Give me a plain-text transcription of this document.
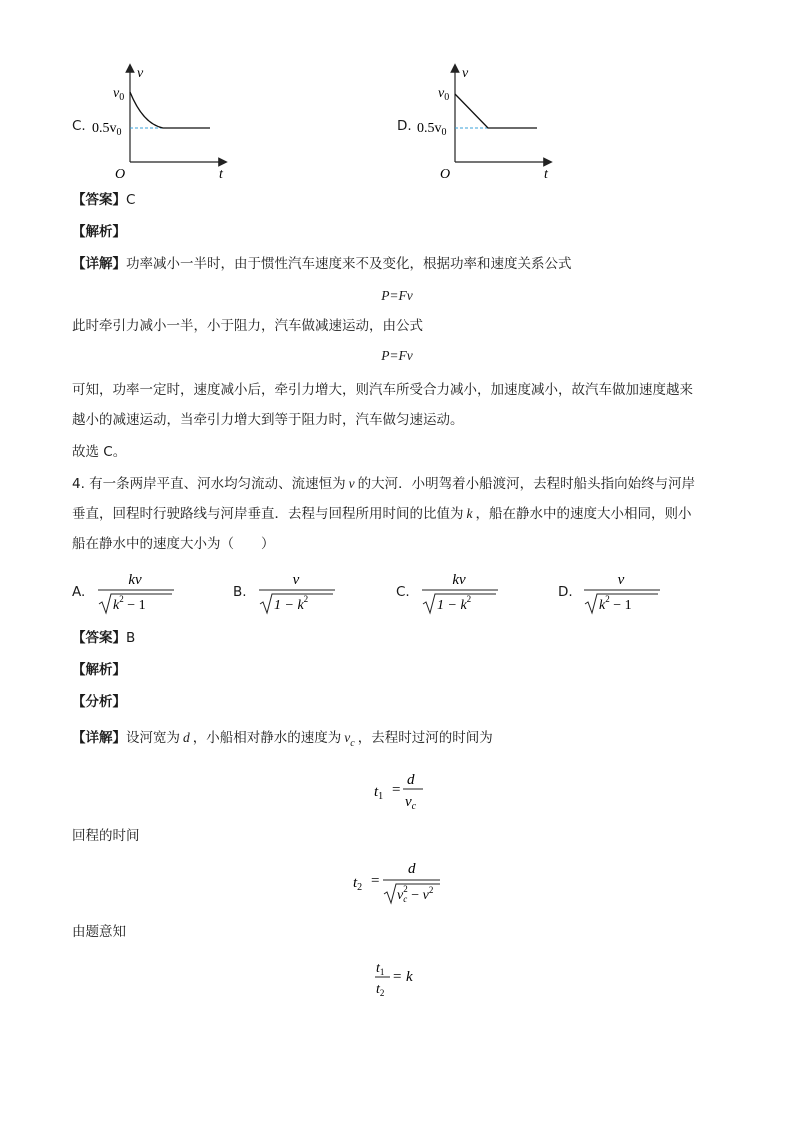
C.
v
t
O
$v_0$
$0.5v_0$	D.
v
t
O
$v_0$
$0.5v_0$
【答案】C
【解析】
【详解】功率减小一半时，由于惯性汽车速度来不及变化，根据功率和速度关系公式
P=Fv
此时牵引力减小一半，小于阻力，汽车做减速运动，由公式
P=Fv
可知，功率一定时，速度减小后，牵引力增大，则汽车所受合力减小，加速度减小，故汽车做加速度越来
越小的减速运动，当牵引力增大到等于阻力时，汽车做匀速运动。
故选 C。
4. 有一条两岸平直、河水均匀流动、流速恒为 v 的大河．小明驾着小船渡河，去程时船头指向始终与河岸
垂直，回程时行驶路线与河岸垂直．去程与回程所用时间的比值为 k ，船在静水中的速度大小相同，则小
船在静水中的速度大小为（　　）
A.
kv
$k^2 - 1$
B.
v
$1 - k^2$	C.
kv
$1 - k^2$	D.
v
$k^2 - 1$
【答案】B
【解析】
【分析】
【详解】设河宽为 d ，小船相对静水的速度为 $v_c$ ，去程时过河的时间为
$t_1$ =
d
$v_c$
回程的时间
$t_2$ =
d
$v_c2 - v^2$
由题意知
$t_1$
$t_2$
= k
